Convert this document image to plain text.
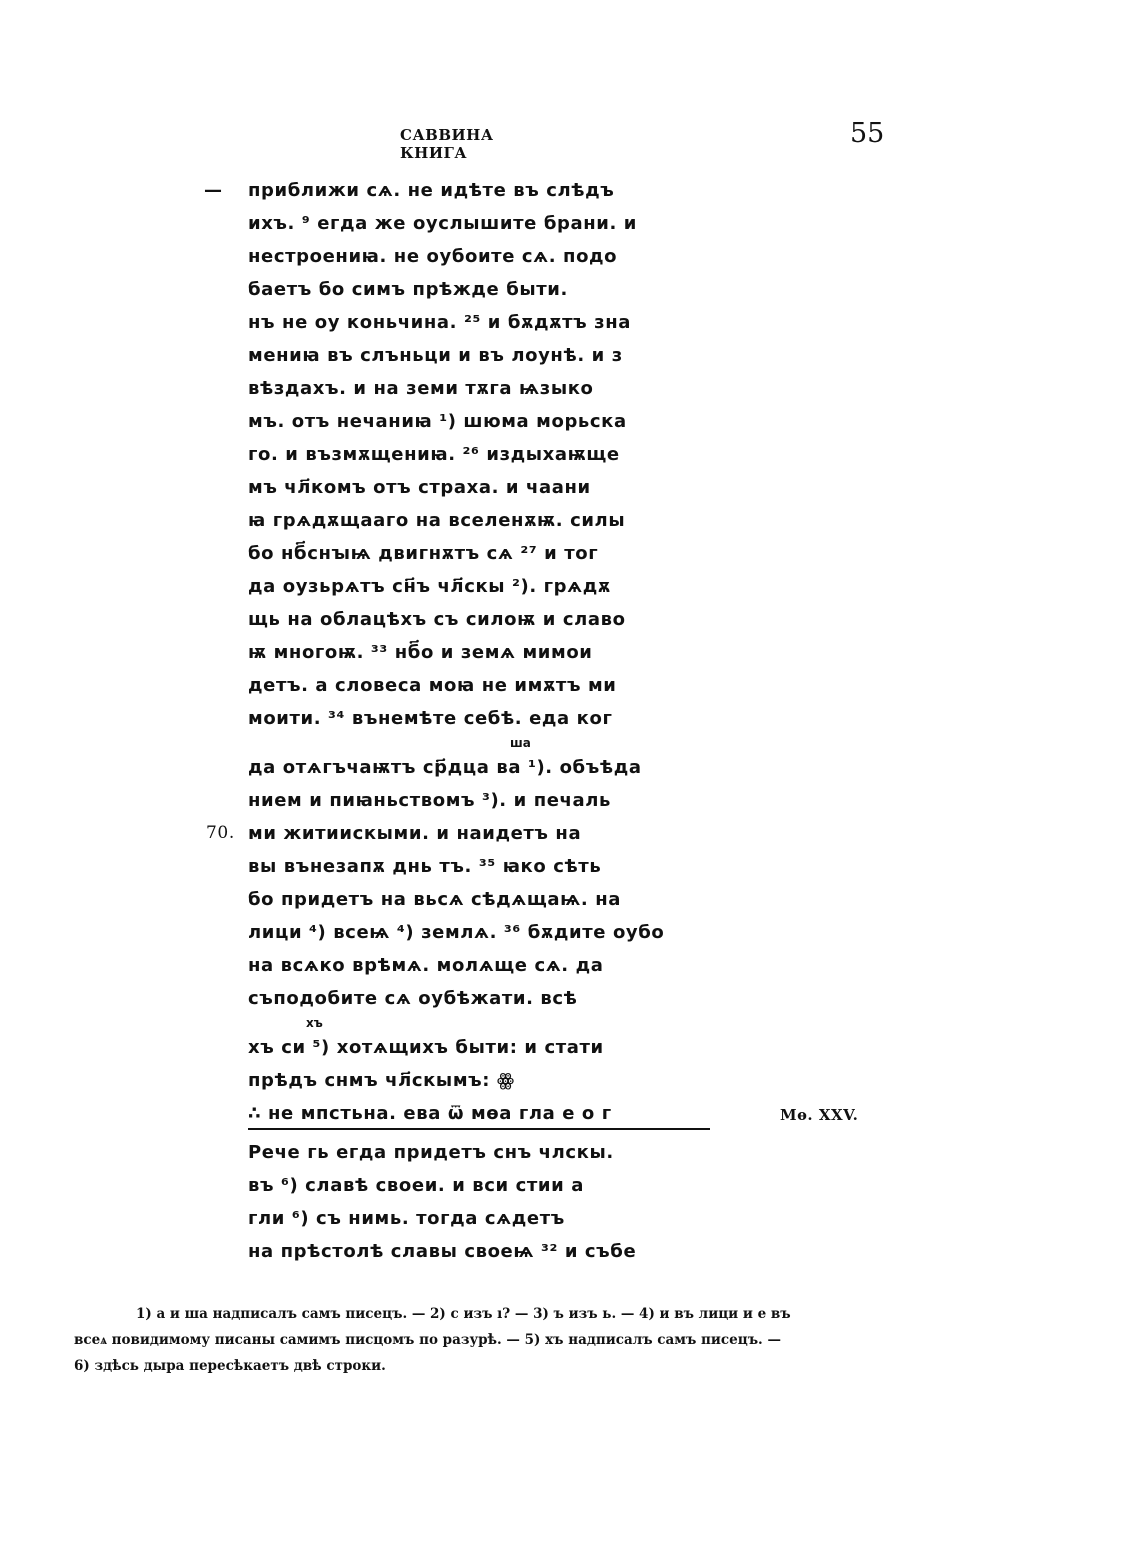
САВВИНА КНИГА
55
— приближи сѧ. не идѣте въ слѣдъ
ихъ. ⁹ егда же оуслышите брани. и
нестроениꙗ. не оубоите сѧ. подо
баетъ бо симъ прѣжде быти.
нъ не оу коньчина. ²⁵ и бѫдѫтъ зна
мениꙗ въ слъньци и въ лоунѣ. и з
вѣздахъ. и на земи тѫга ѩзыко
мъ. отъ нечаниꙗ ¹) шюма морьска
го. и възмѫщениꙗ. ²⁶ издыхаѭще
мъ чл҃комъ отъ страха. и чаани
ꙗ грѧдѫщааго на вселенѫѭ. силы
бо нб҃снꙑѩ двигнѫтъ сѧ ²⁷ и тог
да оузьрѧтъ сн҃ъ чл҃скы ²). грѧдѫ
щь на облацѣхъ съ силоѭ и славо
ѭ многоѭ. ³³ нб҃о и земѧ мимои
детъ. а словеса моꙗ не имѫтъ ми
моити. ³⁴ вънемѣте себѣ. еда ког
ша
да отѧгъчаѭтъ ср҃дца ва ¹). объѣда
нием и пиꙗньствомъ ³). и печаль
70. ми житиискыми. и наидетъ на
вы вънезапѫ днь тъ. ³⁵ ꙗко сѣть
бо придетъ на вьсѧ сѣдѧщаѩ. на
лици ⁴) всеѩ ⁴) землѧ. ³⁶ бѫдите оубо
на всѧко врѣмѧ. молѧще сѧ. да
съподобите сѧ оубѣжати. всѣ
хъ
хъ си ⁵) хотѧщихъ быти: и стати
прѣдъ снмъ чл҃скымъ: ꙮ
∴ не мпстьна. ева ѿ мѳа гла е о г
Рече гь егда придетъ снъ члскы.
въ ⁶) славѣ своеи. и вси стии а
гли ⁶) съ нимь. тогда сѧдетъ
на прѣстолѣ славы своеѩ ³² и събе
Мѳ. XXV.
1) а и ша надписалъ самъ писецъ. — 2) с изъ ı? — 3) ъ изъ ь. — 4) и въ лици и е въ
всеѧ повидимому писаны самимъ писцомъ по разурѣ. — 5) хъ надписалъ самъ писецъ. —
6) здѣсь дыра пересѣкаетъ двѣ строки.
